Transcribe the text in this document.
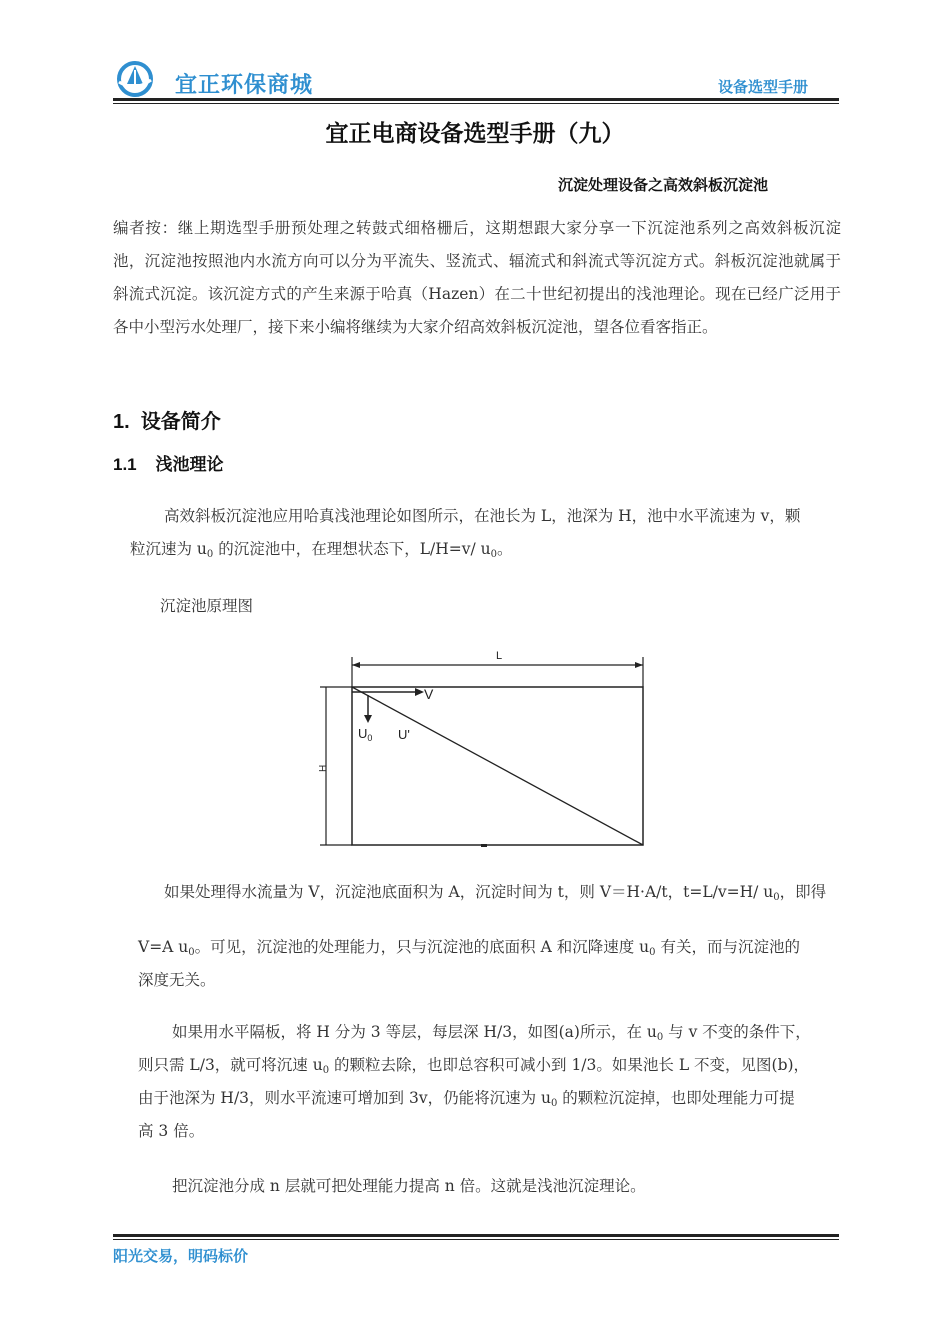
宜正环保商城	设备选型手册
宜正电商设备选型手册（九）
沉淀处理设备之高效斜板沉淀池
编者按：继上期选型手册预处理之转鼓式细格栅后，这期想跟大家分享一下沉淀池系列之高效斜板沉淀池，沉淀池按照池内水流方向可以分为平流失、竖流式、辐流式和斜流式等沉淀方式。斜板沉淀池就属于斜流式沉淀。该沉淀方式的产生来源于哈真（Hazen）在二十世纪初提出的浅池理论。现在已经广泛用于各中小型污水处理厂，接下来小编将继续为大家介绍高效斜板沉淀池，望各位看客指正。
1.  设备简介
1.1    浅池理论
高效斜板沉淀池应用哈真浅池理论如图所示，在池长为 L，池深为 H，池中水平流速为 v，颗
粒沉速为 $u_0$ 的沉淀池中，在理想状态下，L/H=v/ $u_0$。
沉淀池原理图
L
H
V
$U_0$ U'
如果处理得水流量为 V，沉淀池底面积为 A，沉淀时间为 t，则 V＝H·A/t，t=L/v=H/ $u_0$，即得
V=A $u_0$。可见，沉淀池的处理能力，只与沉淀池的底面积 A 和沉降速度 $u_0$ 有关，而与沉淀池的
深度无关。
如果用水平隔板，将 H 分为 3 等层，每层深 H/3，如图(a)所示，在 $u_0$ 与 v 不变的条件下，
则只需 L/3，就可将沉速 $u_0$ 的颗粒去除，也即总容积可减小到 1/3。如果池长 L 不变，见图(b)，
由于池深为 H/3，则水平流速可增加到 3v，仍能将沉速为 $u_0$ 的颗粒沉淀掉，也即处理能力可提
高 3 倍。
把沉淀池分成 n 层就可把处理能力提高 n 倍。这就是浅池沉淀理论。
阳光交易，明码标价
